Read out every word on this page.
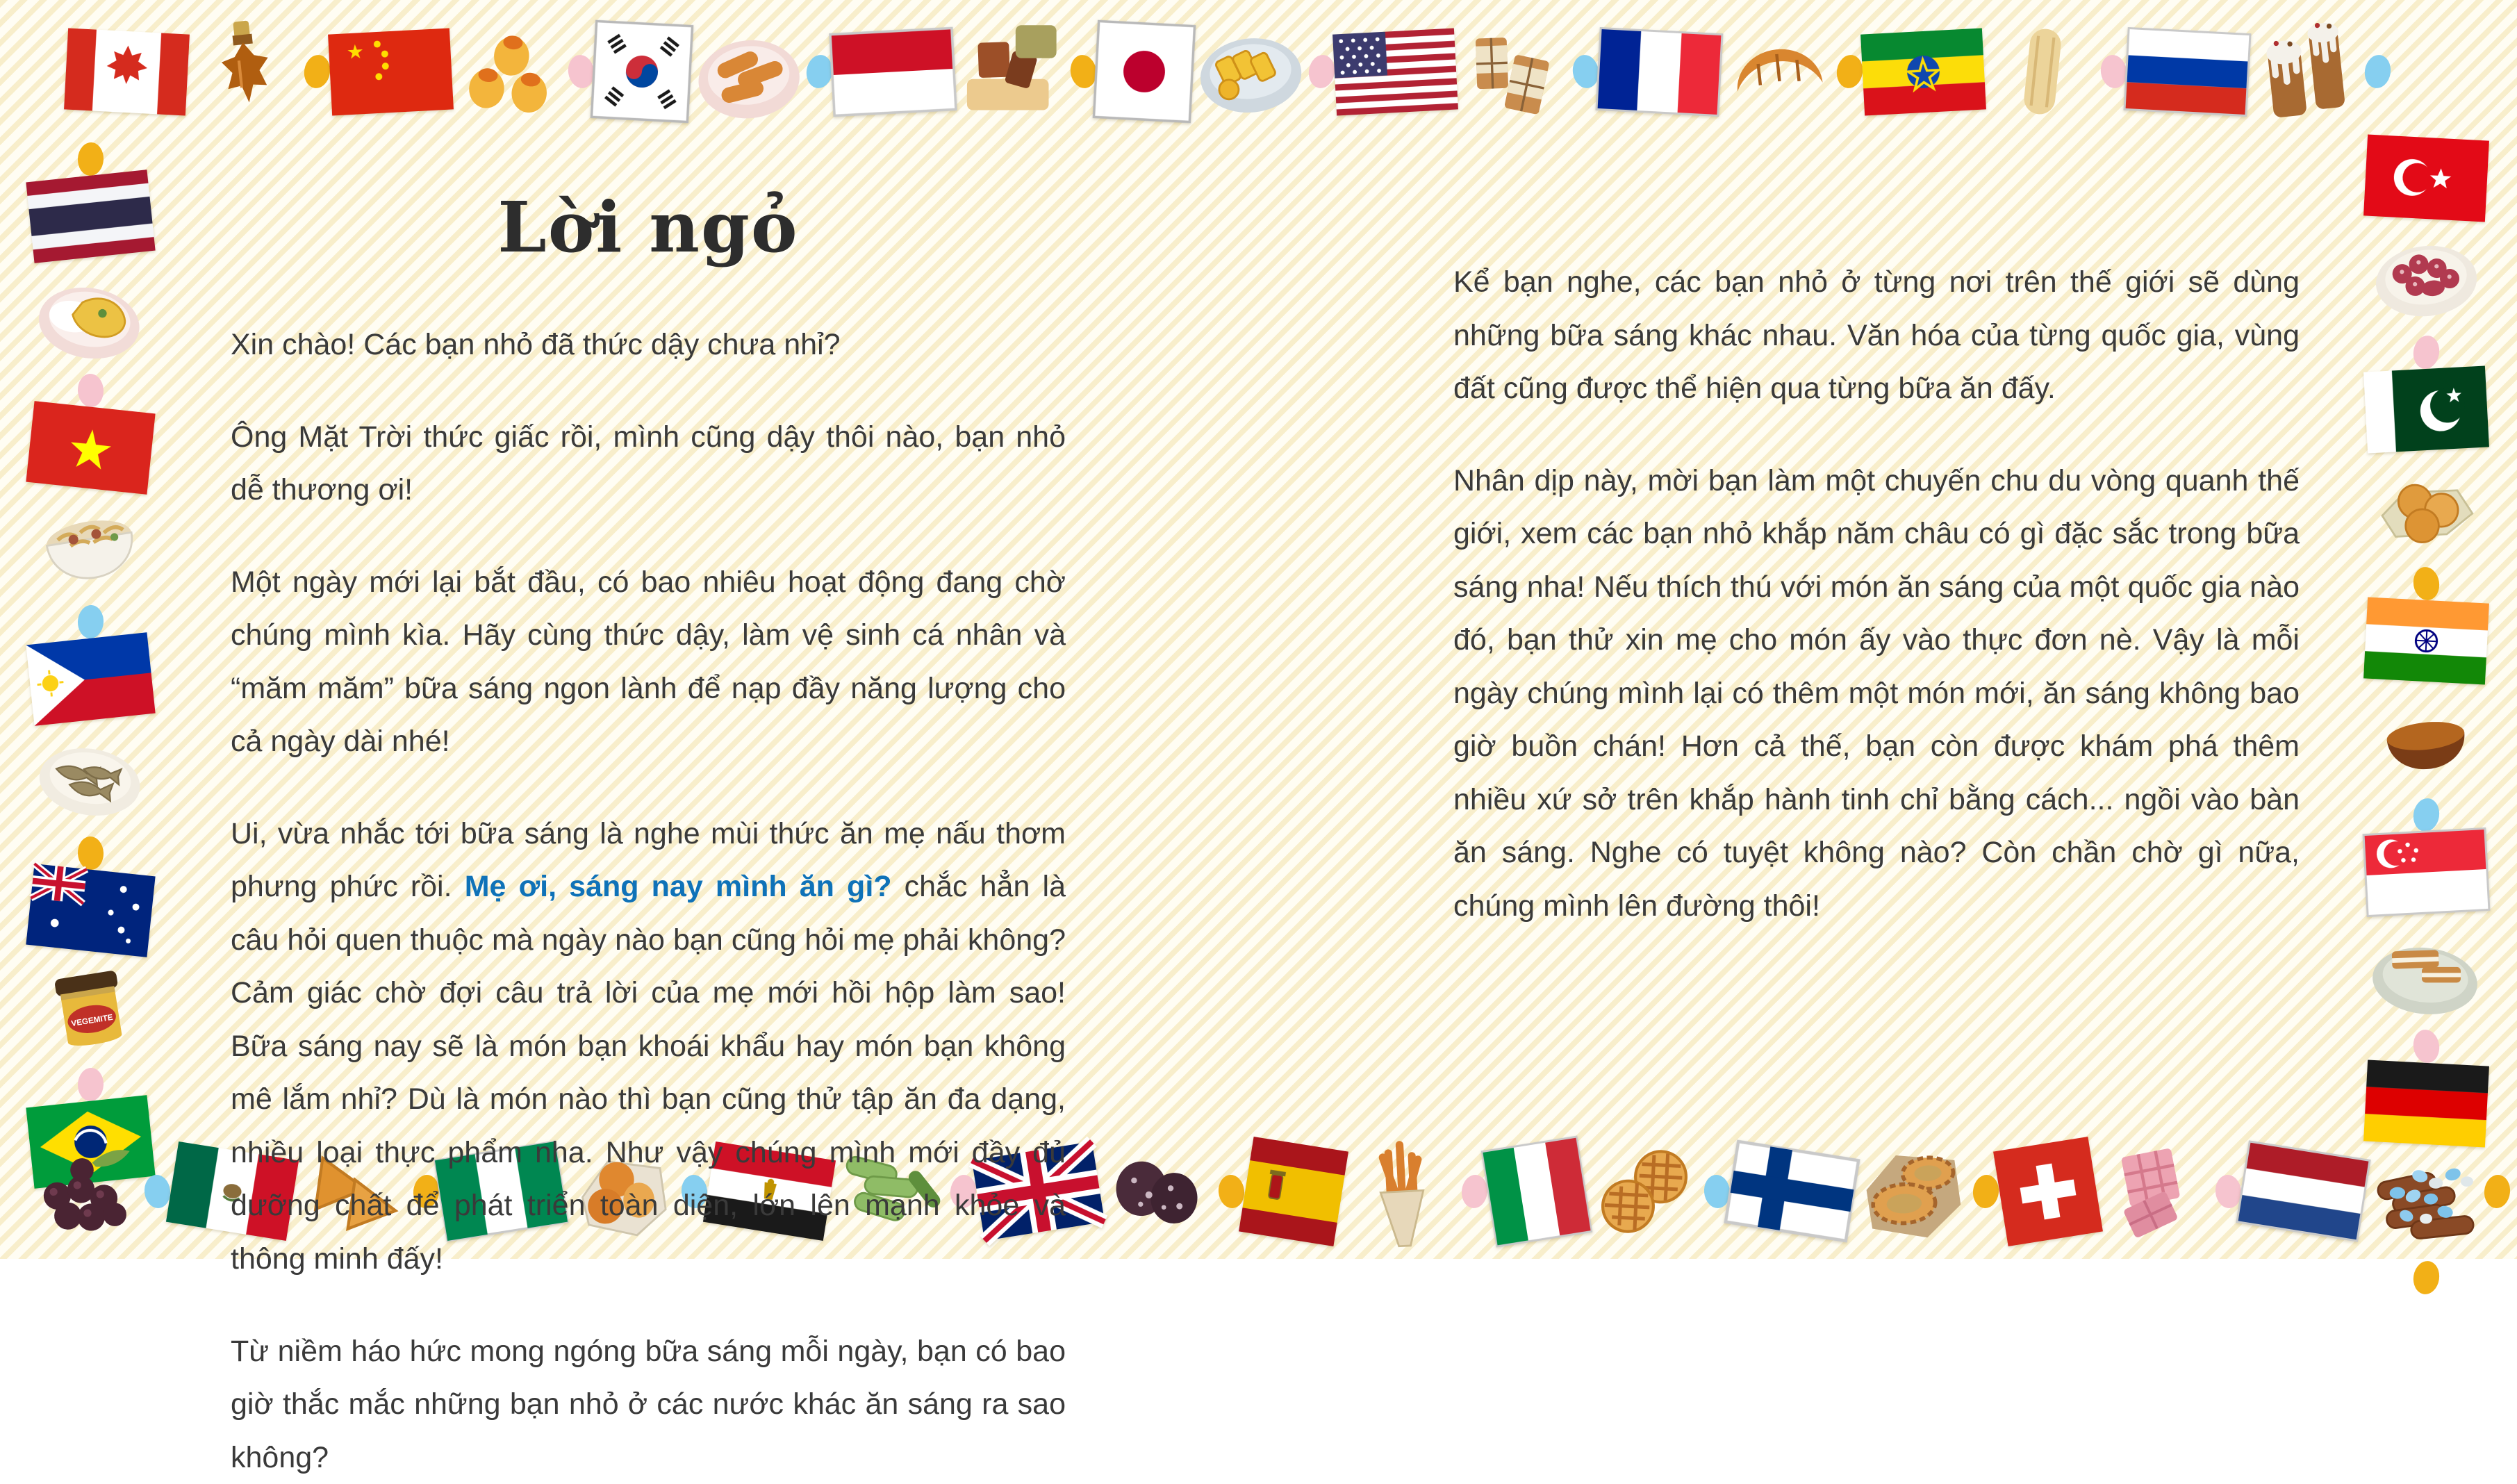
VEGEMITE
Lời ngỏ

Xin chào! Các bạn nhỏ đã thức dậy chưa nhỉ?

Ông Mặt Trời thức giấc rồi, mình cũng dậy thôi nào, bạn nhỏ dễ thương ơi!

Một ngày mới lại bắt đầu, có bao nhiêu hoạt động đang chờ chúng mình kìa. Hãy cùng thức dậy, làm vệ sinh cá nhân và “măm măm” bữa sáng ngon lành để nạp đầy năng lượng cho cả ngày dài nhé!

Ui, vừa nhắc tới bữa sáng là nghe mùi thức ăn mẹ nấu thơm phưng phức rồi. Mẹ ơi, sáng nay mình ăn gì? chắc hẳn là câu hỏi quen thuộc mà ngày nào bạn cũng hỏi mẹ phải không? Cảm giác chờ đợi câu trả lời của mẹ mới hồi hộp làm sao! Bữa sáng nay sẽ là món bạn khoái khẩu hay món bạn không mê lắm nhỉ? Dù là món nào thì bạn cũng thử tập ăn đa dạng, nhiều loại thực phẩm nha. Như vậy chúng mình mới đầy đủ dưỡng chất để phát triển toàn diện, lớn lên mạnh khỏe và thông minh đấy!

Từ niềm háo hức mong ngóng bữa sáng mỗi ngày, bạn có bao giờ thắc mắc những bạn nhỏ ở các nước khác ăn sáng ra sao không?

Kể bạn nghe, các bạn nhỏ ở từng nơi trên thế giới sẽ dùng những bữa sáng khác nhau. Văn hóa của từng quốc gia, vùng đất cũng được thể hiện qua từng bữa ăn đấy.

Nhân dịp này, mời bạn làm một chuyến chu du vòng quanh thế giới, xem các bạn nhỏ khắp năm châu có gì đặc sắc trong bữa sáng nha! Nếu thích thú với món ăn sáng của một quốc gia nào đó, bạn thử xin mẹ cho món ấy vào thực đơn nè. Vậy là mỗi ngày chúng mình lại có thêm một món mới, ăn sáng không bao giờ buồn chán! Hơn cả thế, bạn còn được khám phá thêm nhiều xứ sở trên khắp hành tinh chỉ bằng cách... ngồi vào bàn ăn sáng. Nghe có tuyệt không nào? Còn chần chờ gì nữa, chúng mình lên đường thôi!
